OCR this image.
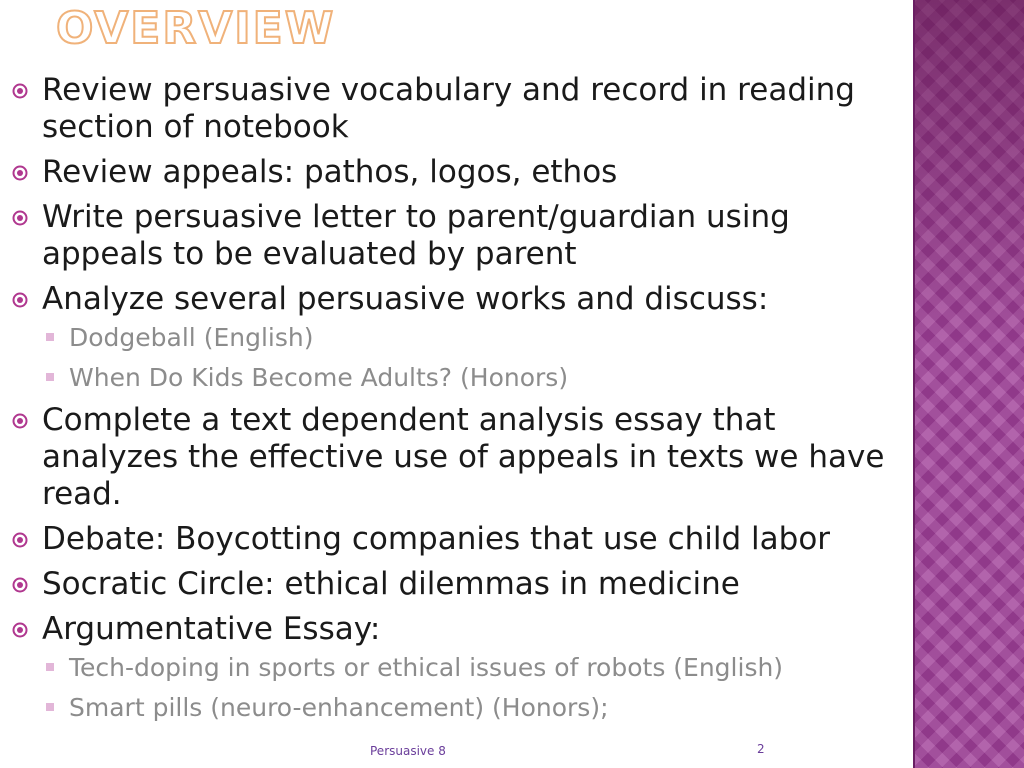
OVERVIEW
Review persuasive vocabulary and record in reading section of notebook
Review appeals: pathos, logos, ethos
Write persuasive letter to parent/guardian using appeals to be evaluated by parent
Analyze several persuasive works and discuss:
Dodgeball (English)
When Do Kids Become Adults? (Honors)
Complete a text dependent analysis essay that analyzes the effective use of appeals in texts we have read.
Debate: Boycotting companies that use child labor
Socratic Circle: ethical dilemmas in medicine
Argumentative Essay:
Tech-doping in sports or ethical issues of robots (English)
Smart pills (neuro-enhancement) (Honors);
Persuasive 8	2
